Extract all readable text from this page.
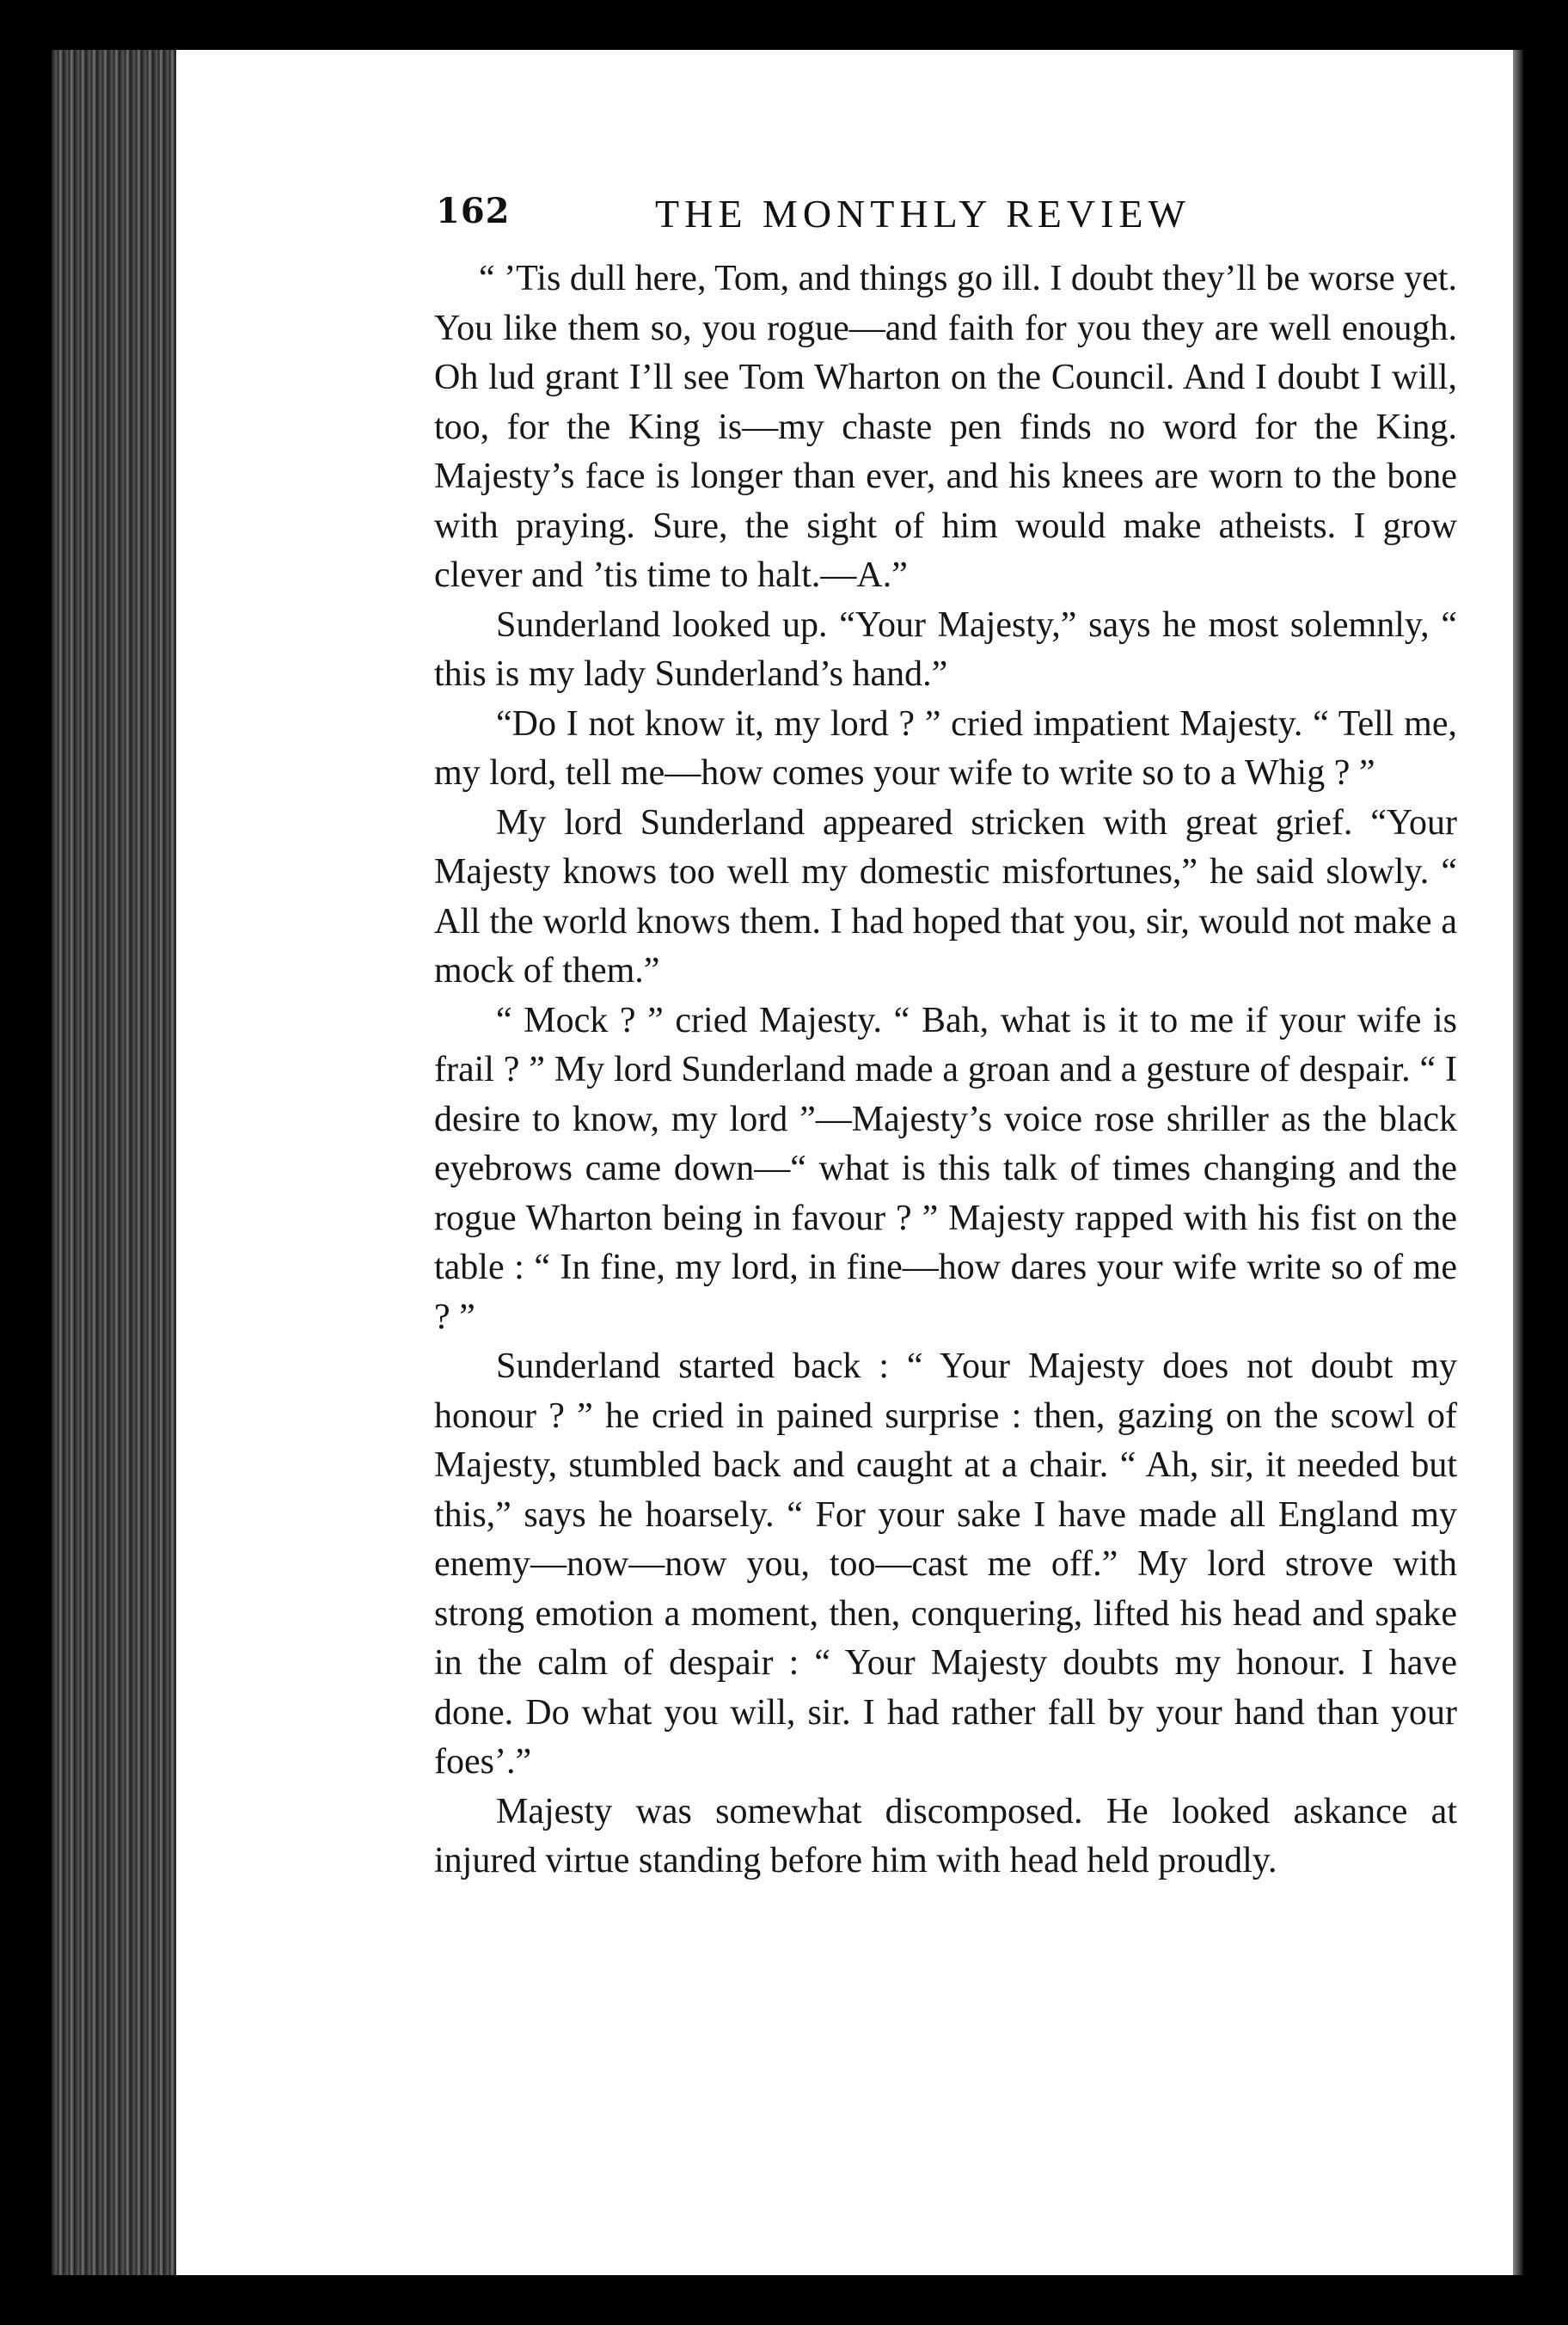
162	THE MONTHLY REVIEW

“ ’Tis dull here, Tom, and things go ill. I doubt they’ll be worse yet. You like them so, you rogue—and faith for you they are well enough. Oh lud grant I’ll see Tom Wharton on the Council. And I doubt I will, too, for the King is—my chaste pen finds no word for the King. Majesty’s face is longer than ever, and his knees are worn to the bone with praying. Sure, the sight of him would make atheists. I grow clever and ’tis time to halt.—A.”

Sunderland looked up. “Your Majesty,” says he most solemnly, “ this is my lady Sunderland’s hand.”

“Do I not know it, my lord ? ” cried impatient Majesty. “ Tell me, my lord, tell me—how comes your wife to write so to a Whig ? ”

My lord Sunderland appeared stricken with great grief. “Your Majesty knows too well my domestic misfortunes,” he said slowly. “ All the world knows them. I had hoped that you, sir, would not make a mock of them.”

“ Mock ? ” cried Majesty. “ Bah, what is it to me if your wife is frail ? ” My lord Sunderland made a groan and a gesture of despair. “ I desire to know, my lord ”—Majesty’s voice rose shriller as the black eyebrows came down—“ what is this talk of times changing and the rogue Wharton being in favour ? ” Majesty rapped with his fist on the table : “ In fine, my lord, in fine—how dares your wife write so of me ? ”

Sunderland started back : “ Your Majesty does not doubt my honour ? ” he cried in pained surprise : then, gazing on the scowl of Majesty, stumbled back and caught at a chair. “ Ah, sir, it needed but this,” says he hoarsely. “ For your sake I have made all England my enemy—now—now you, too—cast me off.” My lord strove with strong emotion a moment, then, conquering, lifted his head and spake in the calm of despair : “ Your Majesty doubts my honour. I have done. Do what you will, sir. I had rather fall by your hand than your foes’.”

Majesty was somewhat discomposed. He looked askance at injured virtue standing before him with head held proudly.
